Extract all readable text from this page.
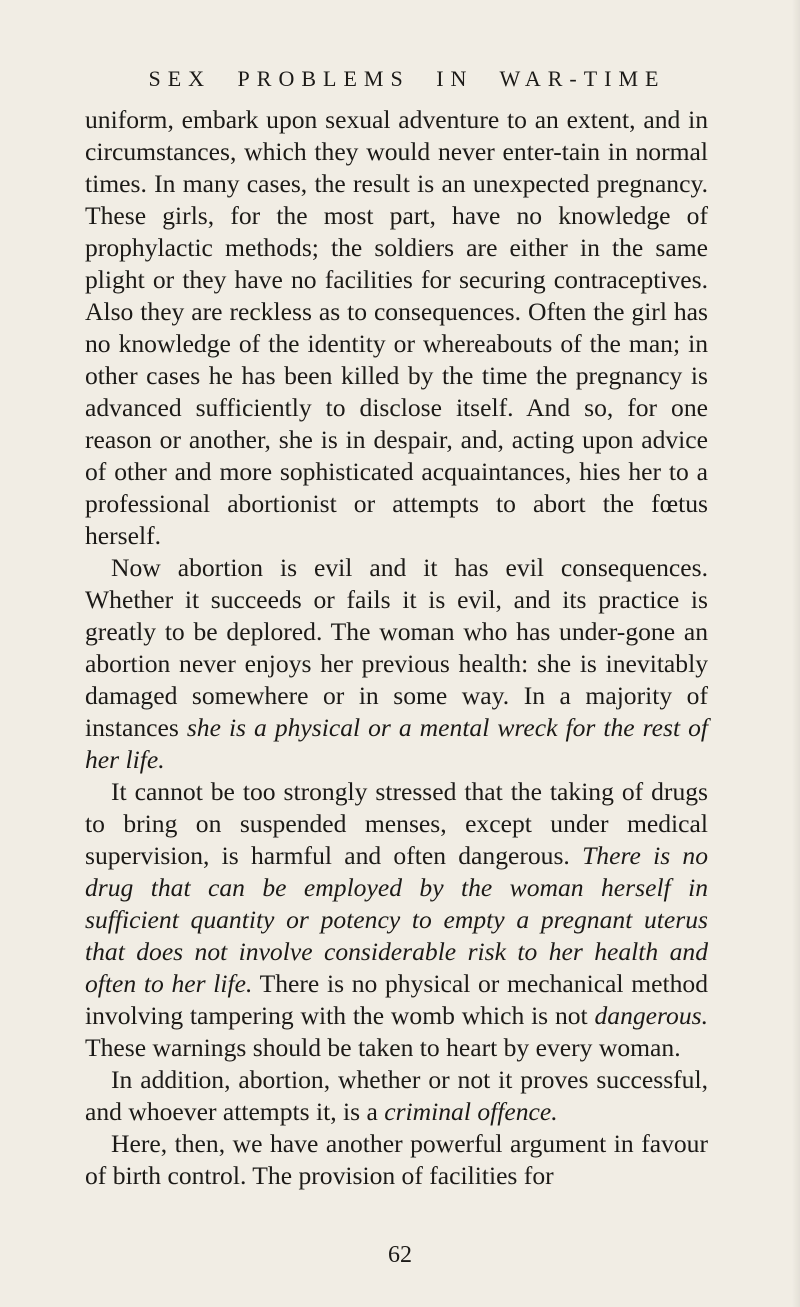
SEX PROBLEMS IN WAR-TIME

uniform, embark upon sexual adventure to an extent, and in circumstances, which they would never enter-tain in normal times. In many cases, the result is an unexpected pregnancy. These girls, for the most part, have no knowledge of prophylactic methods; the soldiers are either in the same plight or they have no facilities for securing contraceptives. Also they are reckless as to consequences. Often the girl has no knowledge of the identity or whereabouts of the man; in other cases he has been killed by the time the pregnancy is advanced sufficiently to disclose itself. And so, for one reason or another, she is in despair, and, acting upon advice of other and more sophisticated acquaintances, hies her to a professional abortionist or attempts to abort the fœtus herself.

Now abortion is evil and it has evil consequences. Whether it succeeds or fails it is evil, and its practice is greatly to be deplored. The woman who has under-gone an abortion never enjoys her previous health: she is inevitably damaged somewhere or in some way. In a majority of instances she is a physical or a mental wreck for the rest of her life.

It cannot be too strongly stressed that the taking of drugs to bring on suspended menses, except under medical supervision, is harmful and often dangerous. There is no drug that can be employed by the woman herself in sufficient quantity or potency to empty a pregnant uterus that does not involve considerable risk to her health and often to her life. There is no physical or mechanical method involving tampering with the womb which is not dangerous. These warnings should be taken to heart by every woman.

In addition, abortion, whether or not it proves successful, and whoever attempts it, is a criminal offence.

Here, then, we have another powerful argument in favour of birth control. The provision of facilities for

62
